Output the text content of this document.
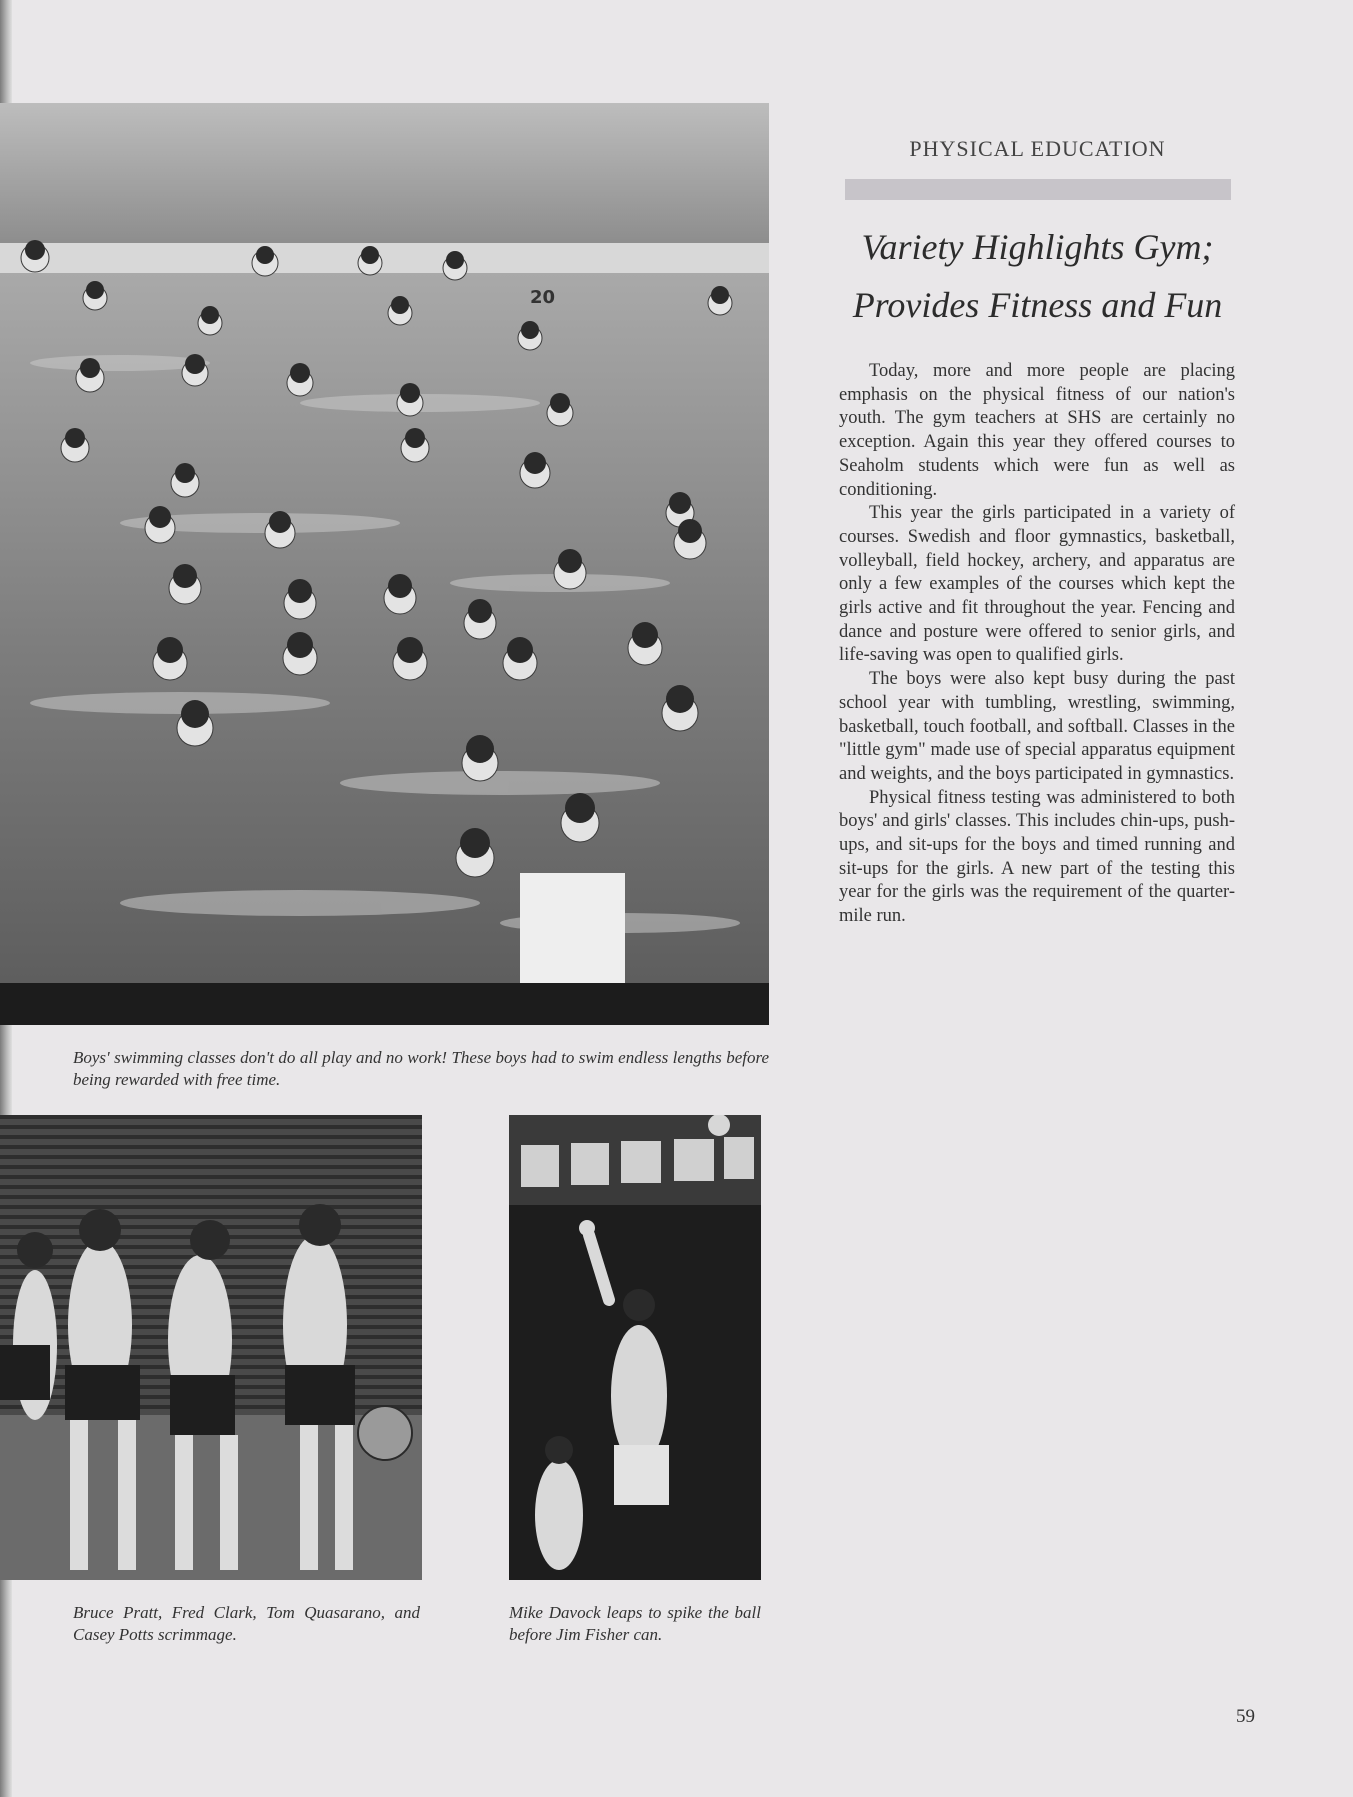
20

Boys' swimming classes don't do all play and no work! These boys had to swim endless lengths before being rewarded with free time.

Bruce Pratt, Fred Clark, Tom Quasarano, and Casey Potts scrimmage.

Mike Davock leaps to spike the ball before Jim Fisher can.

PHYSICAL EDUCATION

Variety Highlights Gym;
Provides Fitness and Fun

Today, more and more people are placing emphasis on the physical fitness of our nation's youth. The gym teachers at SHS are certainly no exception. Again this year they offered courses to Seaholm students which were fun as well as conditioning.

This year the girls participated in a variety of courses. Swedish and floor gymnastics, basketball, volleyball, field hockey, archery, and apparatus are only a few examples of the courses which kept the girls active and fit throughout the year. Fencing and dance and posture were offered to senior girls, and life-saving was open to qualified girls.

The boys were also kept busy during the past school year with tumbling, wrestling, swimming, basketball, touch football, and softball. Classes in the "little gym" made use of special apparatus equipment and weights, and the boys participated in gymnastics.

Physical fitness testing was administered to both boys' and girls' classes. This includes chin-ups, push-ups, and sit-ups for the boys and timed running and sit-ups for the girls. A new part of the testing this year for the girls was the requirement of the quarter-mile run.

59
